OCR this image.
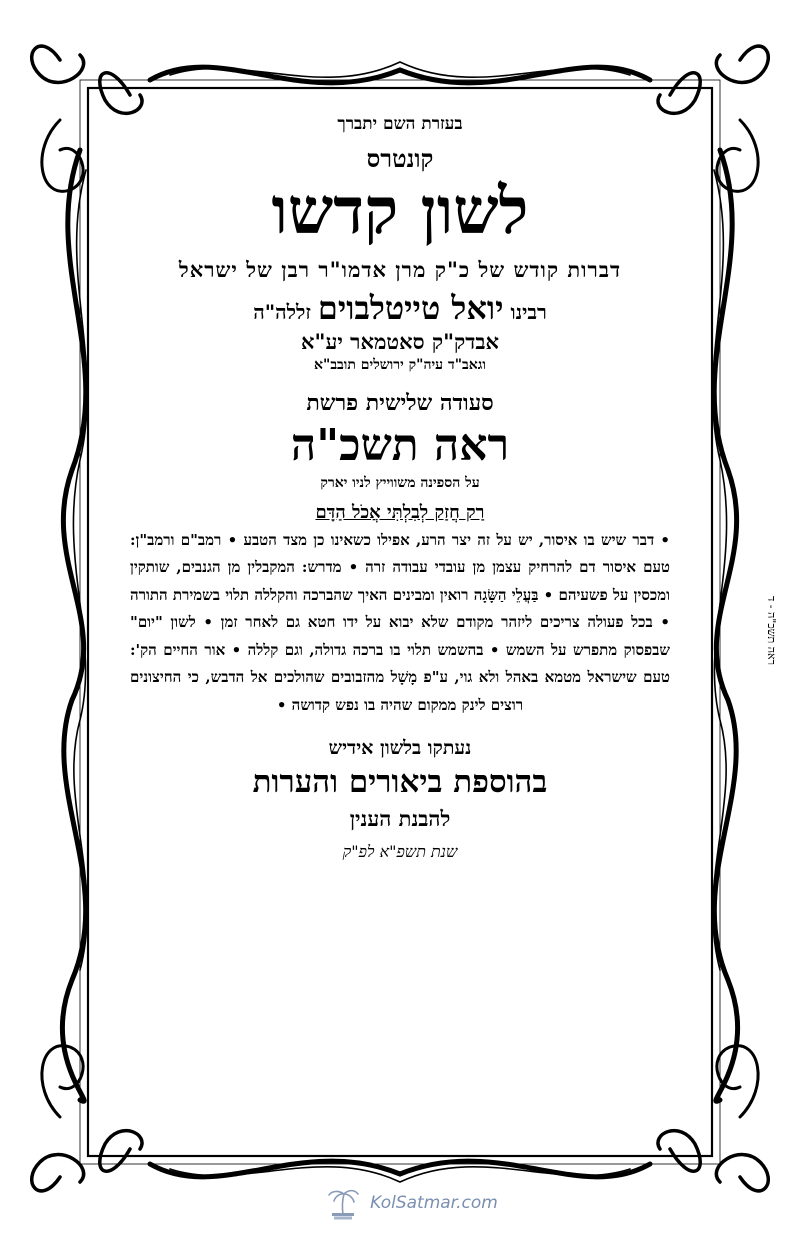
ראה תשכ"ה - ד
בעזרת השם יתברך
קונטרס
לשון קדשו
דברות קודש של כ"ק מרן אדמו"ר רבן של ישראל
רבינו יואל טייטלבוים זללה"ה
אבדק"ק סאטמאר יע"א
וגאב"ד עיה"ק ירושלים תובב"א
סעודה שלישית פרשת
ראה תשכ"ה
על הספינה משווייץ לניו יארק
רַק חֲזַק לְבִלְתִּי אֲכֹל הַדָּם

• דבר שיש בו איסור, יש על זה יצר הרע, אפילו כשאינו כן מצד הטבע • רמב"ם ורמב"ן: טעם איסור דם להרחיק עצמן מן עובדי עבודה זרה • מדרש: המקבלין מן הגנבים, שותקין ומכסין על פשעיהם • בַּעֲלֵי הַשָּׂגָה רואין ומבינים האיך שהברכה והקללה תלוי בשמירת התורה • בכל פעולה צריכים ליזהר מקודם שלא יבוא על ידו חטא גם לאחר זמן • לשון "יום" שבפסוק מתפרש על השמש • בהשמש תלוי בו ברכה גדולה, וגם קללה • אור החיים הק': טעם שישראל מטמא באהל ולא גוי, ע"פ מָשָׁל מהזבובים שהולכים אל הדבש, כי החיצונים רוצים לינק ממקום שהיה בו נפש קדושה •

נעתקו בלשון אידיש
בהוספת ביאורים והערות
להבנת הענין
שנת תשפ"א לפ"ק
KolSatmar.com
